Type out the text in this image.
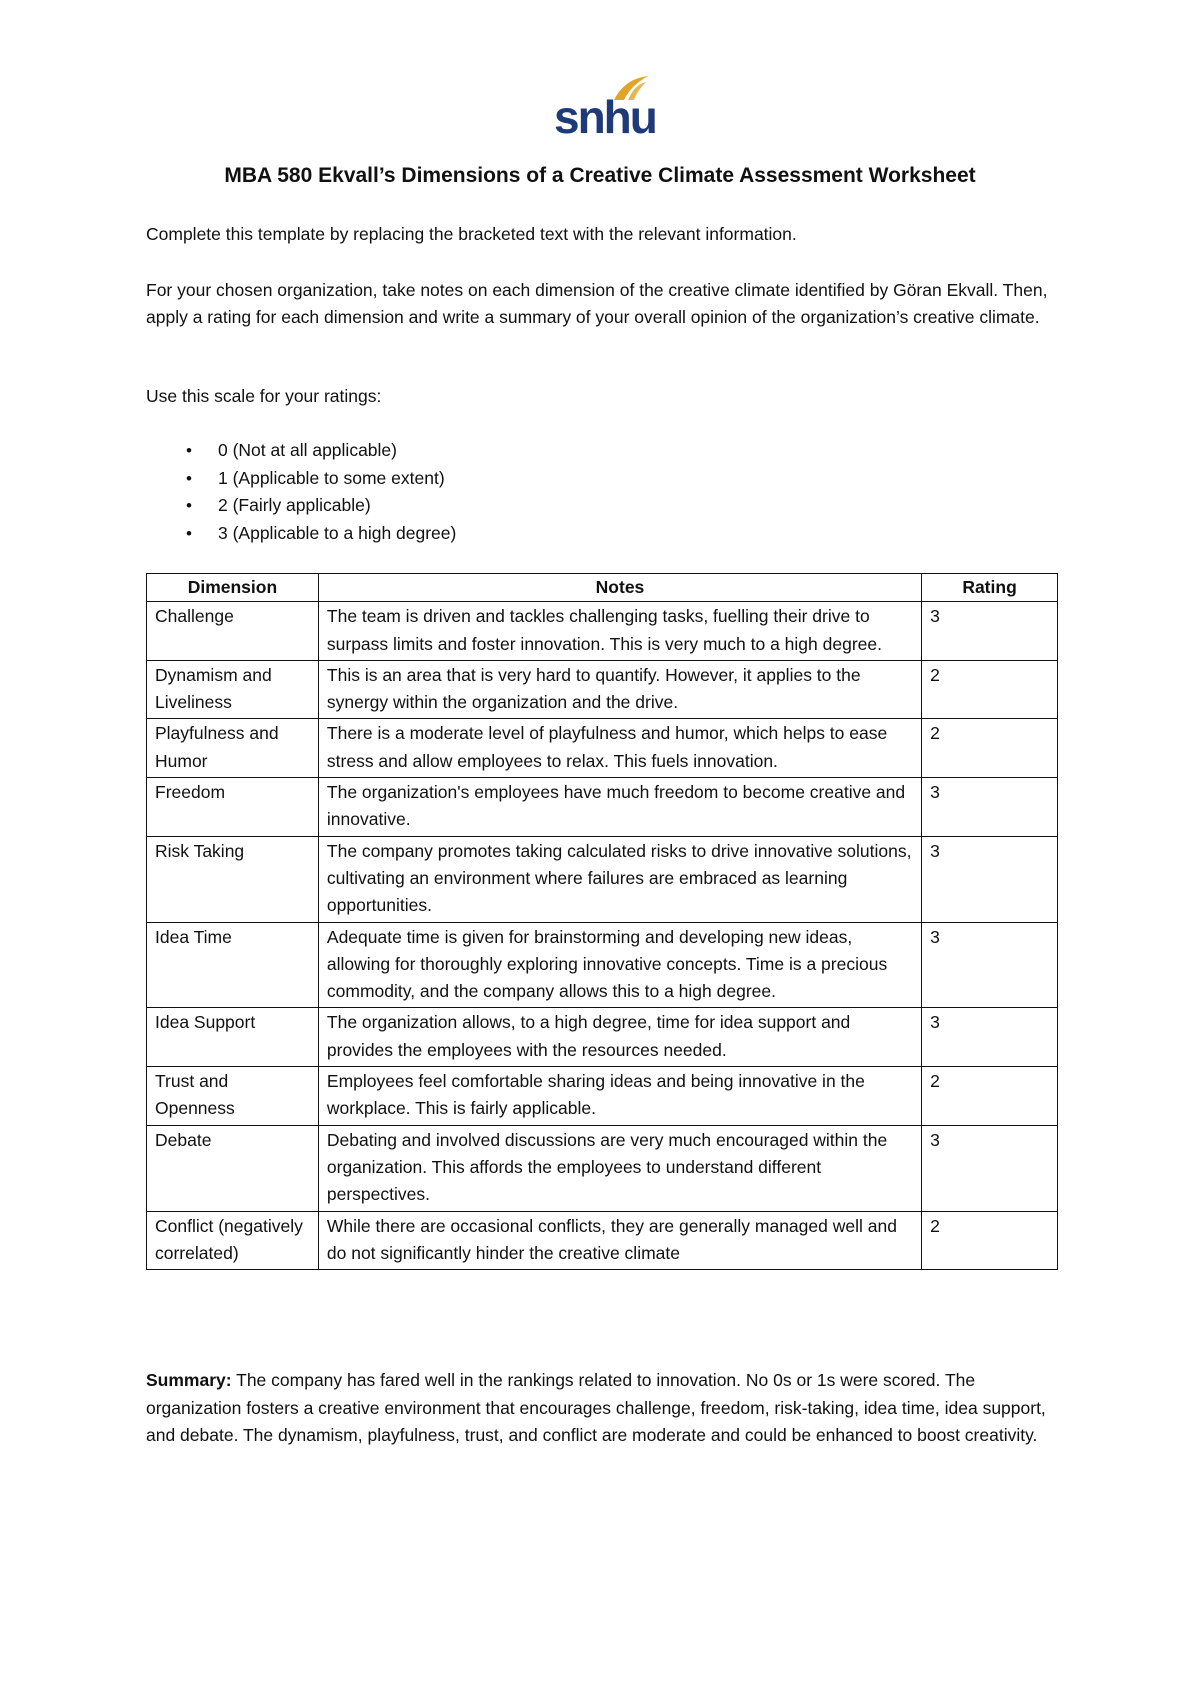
snhu
MBA 580 Ekvall’s Dimensions of a Creative Climate Assessment Worksheet

Complete this template by replacing the bracketed text with the relevant information.

For your chosen organization, take notes on each dimension of the creative climate identified by Göran Ekvall. Then, apply a rating for each dimension and write a summary of your overall opinion of the organization’s creative climate.

Use this scale for your ratings:

• 0 (Not at all applicable)
• 1 (Applicable to some extent)
• 2 (Fairly applicable)
• 3 (Applicable to a high degree)
Dimension	Notes	Rating
Challenge	The team is driven and tackles challenging tasks, fuelling their drive to surpass limits and foster innovation. This is very much to a high degree.	3
Dynamism and Liveliness	This is an area that is very hard to quantify. However, it applies to the synergy within the organization and the drive.	2
Playfulness and Humor	There is a moderate level of playfulness and humor, which helps to ease stress and allow employees to relax. This fuels innovation.	2
Freedom	The organization's employees have much freedom to become creative and innovative.	3
Risk Taking	The company promotes taking calculated risks to drive innovative solutions, cultivating an environment where failures are embraced as learning opportunities.	3
Idea Time	Adequate time is given for brainstorming and developing new ideas, allowing for thoroughly exploring innovative concepts. Time is a precious commodity, and the company allows this to a high degree.	3
Idea Support	The organization allows, to a high degree, time for idea support and provides the employees with the resources needed.	3
Trust and Openness	Employees feel comfortable sharing ideas and being innovative in the workplace. This is fairly applicable.	2
Debate	Debating and involved discussions are very much encouraged within the organization. This affords the employees to understand different perspectives.	3
Conflict (negatively correlated)	While there are occasional conflicts, they are generally managed well and do not significantly hinder the creative climate	2

Summary: The company has fared well in the rankings related to innovation. No 0s or 1s were scored. The organization fosters a creative environment that encourages challenge, freedom, risk-taking, idea time, idea support, and debate. The dynamism, playfulness, trust, and conflict are moderate and could be enhanced to boost creativity.
